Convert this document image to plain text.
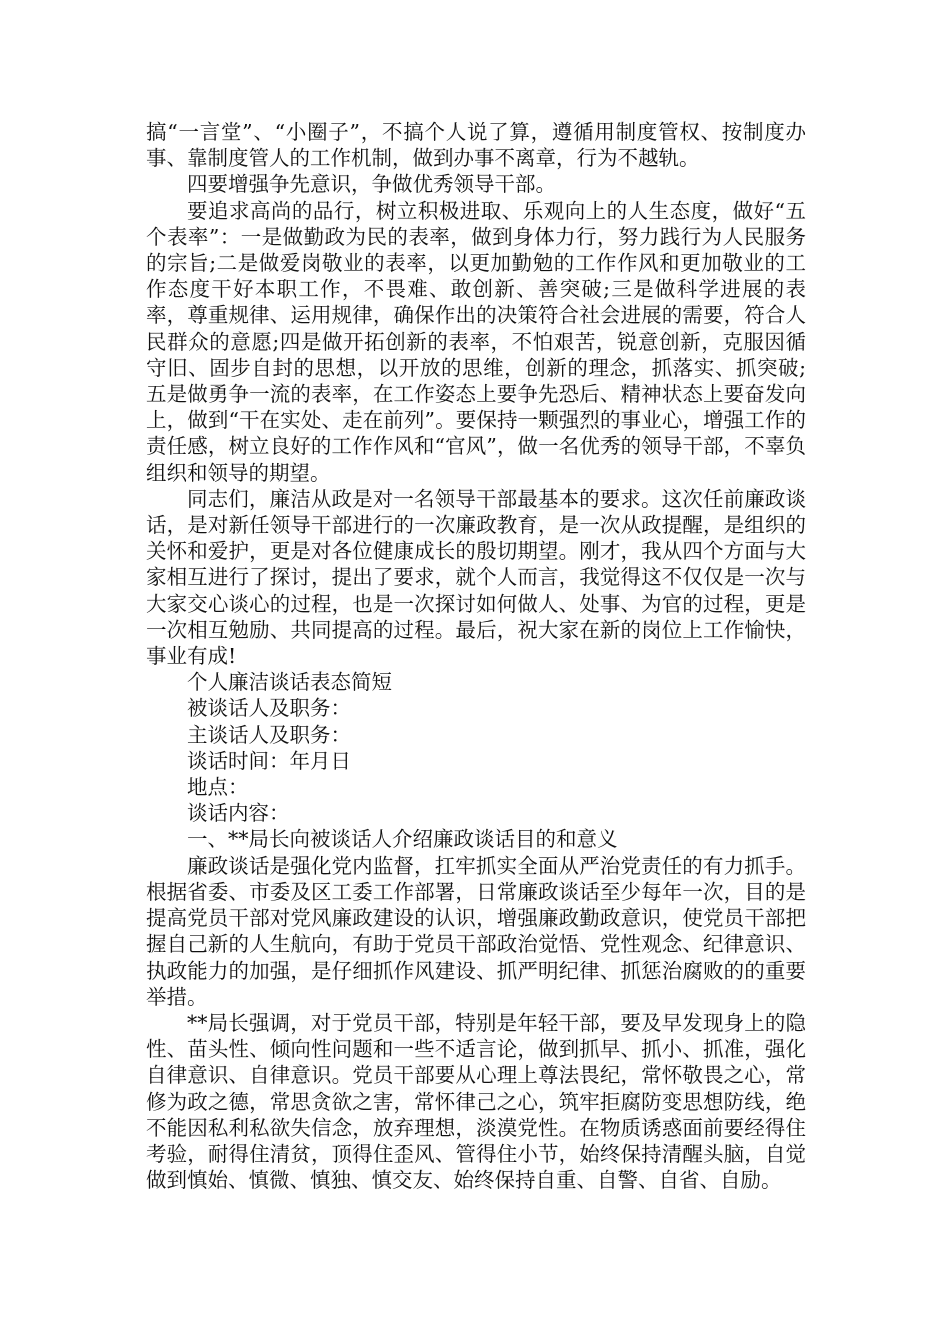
搞“一言堂”、“小圈子”，不搞个人说了算，遵循用制度管权、按制度办事、靠制度管人的工作机制，做到办事不离章，行为不越轨。

四要增强争先意识，争做优秀领导干部。

要追求高尚的品行，树立积极进取、乐观向上的人生态度，做好“五个表率”：一是做勤政为民的表率，做到身体力行，努力践行为人民服务的宗旨;二是做爱岗敬业的表率，以更加勤勉的工作作风和更加敬业的工作态度干好本职工作，不畏难、敢创新、善突破;三是做科学进展的表率，尊重规律、运用规律，确保作出的决策符合社会进展的需要，符合人民群众的意愿;四是做开拓创新的表率，不怕艰苦，锐意创新，克服因循守旧、固步自封的思想，以开放的思维，创新的理念，抓落实、抓突破;五是做勇争一流的表率，在工作姿态上要争先恐后、精神状态上要奋发向上，做到“干在实处、走在前列”。要保持一颗强烈的事业心，增强工作的责任感，树立良好的工作作风和“官风”，做一名优秀的领导干部，不辜负组织和领导的期望。

同志们，廉洁从政是对一名领导干部最基本的要求。这次任前廉政谈话，是对新任领导干部进行的一次廉政教育，是一次从政提醒，是组织的关怀和爱护，更是对各位健康成长的殷切期望。刚才，我从四个方面与大家相互进行了探讨，提出了要求，就个人而言，我觉得这不仅仅是一次与大家交心谈心的过程，也是一次探讨如何做人、处事、为官的过程，更是一次相互勉励、共同提高的过程。最后，祝大家在新的岗位上工作愉快，事业有成!

个人廉洁谈话表态简短

被谈话人及职务：

主谈话人及职务：

谈话时间：年月日

地点：

谈话内容：

一、**局长向被谈话人介绍廉政谈话目的和意义

廉政谈话是强化党内监督，扛牢抓实全面从严治党责任的有力抓手。根据省委、市委及区工委工作部署，日常廉政谈话至少每年一次，目的是提高党员干部对党风廉政建设的认识，增强廉政勤政意识，使党员干部把握自己新的人生航向，有助于党员干部政治觉悟、党性观念、纪律意识、执政能力的加强，是仔细抓作风建设、抓严明纪律、抓惩治腐败的的重要举措。

**局长强调，对于党员干部，特别是年轻干部，要及早发现身上的隐性、苗头性、倾向性问题和一些不适言论，做到抓早、抓小、抓准，强化自律意识、自律意识。党员干部要从心理上尊法畏纪，常怀敬畏之心，常修为政之德，常思贪欲之害，常怀律己之心，筑牢拒腐防变思想防线，绝不能因私利私欲失信念，放弃理想，淡漠党性。在物质诱惑面前要经得住考验，耐得住清贫，顶得住歪风、管得住小节，始终保持清醒头脑，自觉做到慎始、慎微、慎独、慎交友、始终保持自重、自警、自省、自励。
